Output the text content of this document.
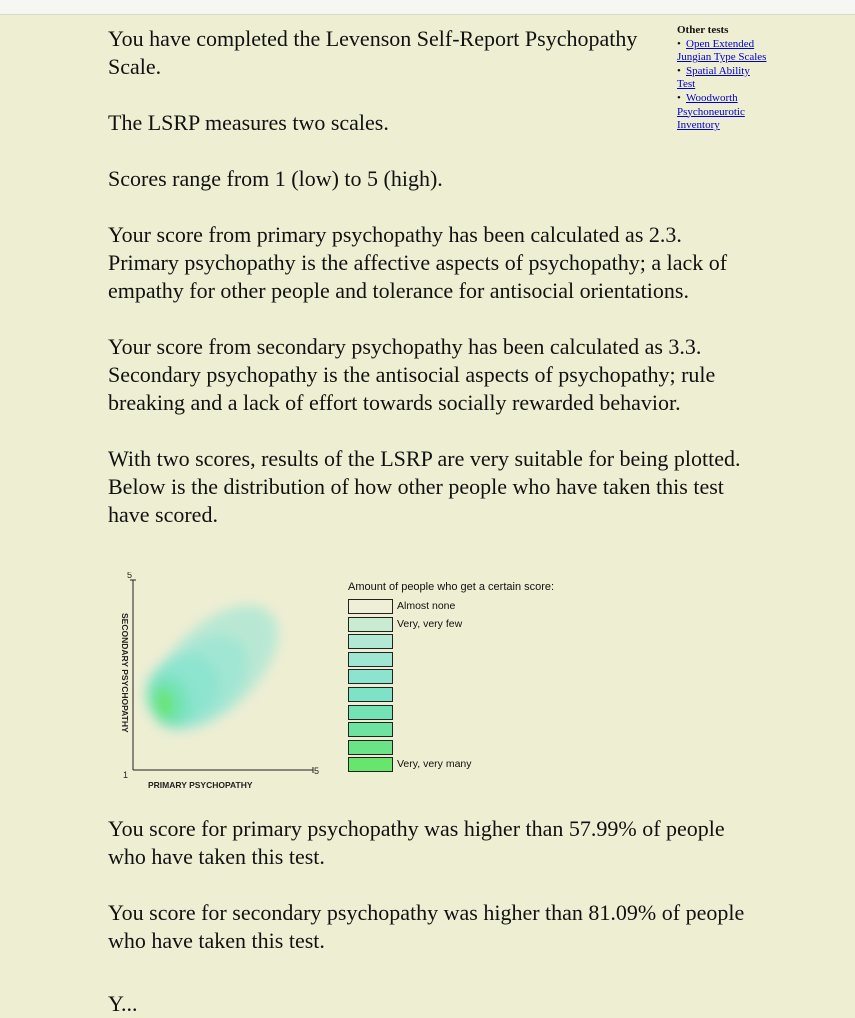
You have completed the Levenson Self-Report Psychopathy Scale.

The LSRP measures two scales.

Scores range from 1 (low) to 5 (high).

Your score from primary psychopathy has been calculated as 2.3. Primary psychopathy is the affective aspects of psychopathy; a lack of empathy for other people and tolerance for antisocial orientations.

Your score from secondary psychopathy has been calculated as 3.3. Secondary psychopathy is the antisocial aspects of psychopathy; rule breaking and a lack of effort towards socially rewarded behavior.

With two scores, results of the LSRP are very suitable for being plotted. Below is the distribution of how other people who have taken this test have scored.

Other tests
• Open Extended Jungian Type Scales
• Spatial Ability Test
• Woodworth Psychoneurotic Inventory
5
1	5
PRIMARY PSYCHOPATHY
SECONDARY PSYCHOPATHY
Amount of people who get a certain score:
Almost none
Very, very few
Very, very many
You score for primary psychopathy was higher than 57.99% of people who have taken this test.
You score for secondary psychopathy was higher than 81.09% of people who have taken this test.
Y...
